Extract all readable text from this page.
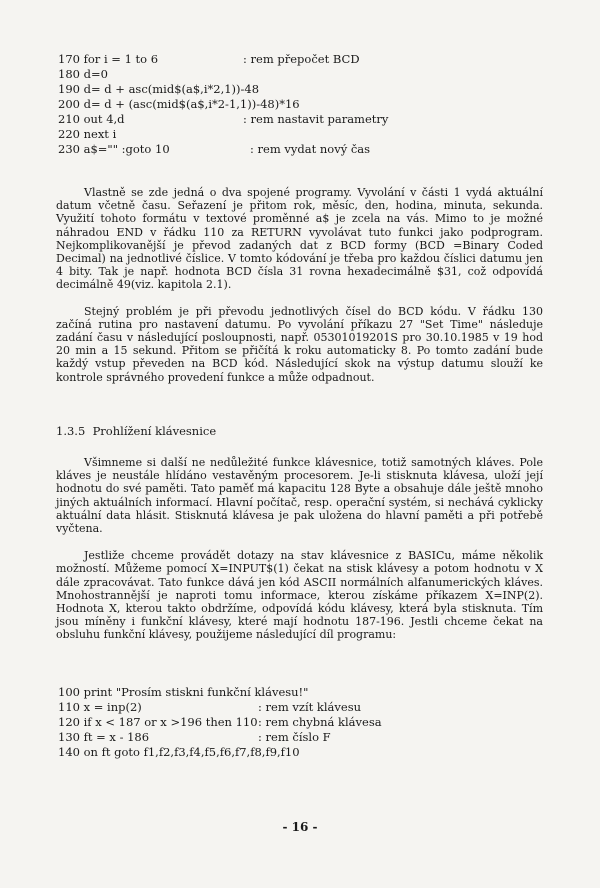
170 for i = 1 to 6	: rem přepočet BCD
180 d=0
190 d= d + asc(mid$(a$,i*2,1))-48
200 d= d + (asc(mid$(a$,i*2-1,1))-48)*16
210 out 4,d	: rem nastavit parametry
220 next i
230 a$="" :goto 10	: rem vydat nový čas

Vlastně se zde jedná o dva spojené programy. Vyvolání v části 1 vydá aktuální datum včetně času. Seřazení je přitom rok, měsíc, den, hodina, minuta, sekunda. Využití tohoto formátu v textové proměnné a$ je zcela na vás. Mimo to je možné náhradou END v řádku 110 za RETURN vyvolávat tuto funkci jako podprogram. Nejkomplikovanější je převod zadaných dat z BCD formy (BCD =Binary Coded Decimal) na jednotlivé číslice. V tomto kódování je třeba pro každou číslici datumu jen 4 bity. Tak je např. hodnota BCD čísla 31 rovna hexadecimálně $31, což odpovídá decimálně 49(viz. kapitola 2.1).

Stejný problém je při převodu jednotlivých čísel do BCD kódu. V řádku 130 začíná rutina pro nastavení datumu. Po vyvolání příkazu 27 "Set Time" následuje zadání času v následující posloupnosti, např. 05301019201S pro 30.10.1985 v 19 hod 20 min a 15 sekund. Přitom se přičítá k roku automaticky 8. Po tomto zadání bude každý vstup převeden na BCD kód. Následující skok na výstup datumu slouží ke kontrole správného provedení funkce a může odpadnout.

1.3.5  Prohlížení klávesnice

Všimneme si další ne nedůležité funkce klávesnice, totiž samotných kláves. Pole kláves je neustále hlídáno vestavěným procesorem. Je-li stisknuta klávesa, uloží její hodnotu do své paměti. Tato paměť má kapacitu 128 Byte a obsahuje dále ještě mnoho jiných aktuálních informací. Hlavní počítač, resp. operační systém, si nechává cyklicky aktuální data hlásit. Stisknutá klávesa je pak uložena do hlavní paměti a při potřebě vyčtena.

Jestliže chceme provádět dotazy na stav klávesnice z BASICu, máme několik možností. Můžeme pomocí X=INPUT$(1) čekat na stisk klávesy a potom hodnotu v X dále zpracovávat. Tato funkce dává jen kód ASCII normálních alfanumerických kláves. Mnohostrannější je naproti tomu informace, kterou získáme příkazem X=INP(2). Hodnota X, kterou takto obdržíme, odpovídá kódu klávesy, která byla stisknuta. Tím jsou míněny i funkční klávesy, které mají hodnotu 187-196. Jestli chceme čekat na obsluhu funkční klávesy, použijeme následující díl programu:

100 print "Prosím stiskni funkční klávesu!"
110 x = inp(2)	: rem vzít klávesu
120 if x < 187 or x >196 then 110 : rem chybná klávesa
130 ft = x - 186	: rem číslo F
140 on ft goto f1,f2,f3,f4,f5,f6,f7,f8,f9,f10
- 16 -
